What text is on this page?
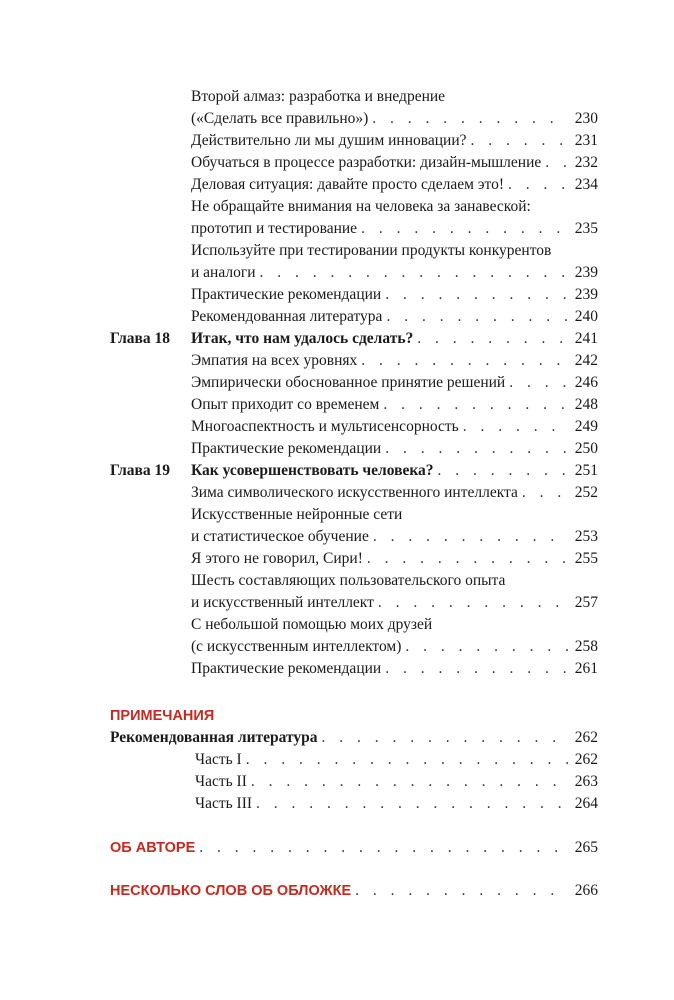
Второй алмаз: разработка и внедрение
(«Сделать все правильно») . . .	230
Действительно ли мы душим инновации? . . .	231
Обучаться в процессе разработки: дизайн-мышление . . . 232
Деловая ситуация: давайте просто сделаем это! . . .	234
Не обращайте внимания на человека за занавеской:
прототип и тестирование . . .	235
Используйте при тестировании продукты конкурентов
и аналоги . . .	239
Практические рекомендации . . .	239
Рекомендованная литература . . .	240
Глава 18 Итак, что нам удалось сделать? . . .	241
Эмпатия на всех уровнях . . .	242
Эмпирически обоснованное принятие решений . . .	246
Опыт приходит со временем . . .	248
Многоаспектность и мультисенсорность . . .	249
Практические рекомендации . . .	250
Глава 19 Как усовершенствовать человека? . . .	251
Зима символического искусственного интеллекта . . .	252
Искусственные нейронные сети
и статистическое обучение . . .	253
Я этого не говорил, Сири! . . .	255
Шесть составляющих пользовательского опыта
и искусственный интеллект . . .	257
С небольшой помощью моих друзей
(с искусственным интеллектом) . . .	258
Практические рекомендации . . .	261
ПРИМЕЧАНИЯ
Рекомендованная литература . . .	262
Часть I . . .	262
Часть II . . .	263
Часть III . . .	264
ОБ АВТОРЕ . . .	265
НЕСКОЛЬКО СЛОВ ОБ ОБЛОЖКЕ . . .	266
